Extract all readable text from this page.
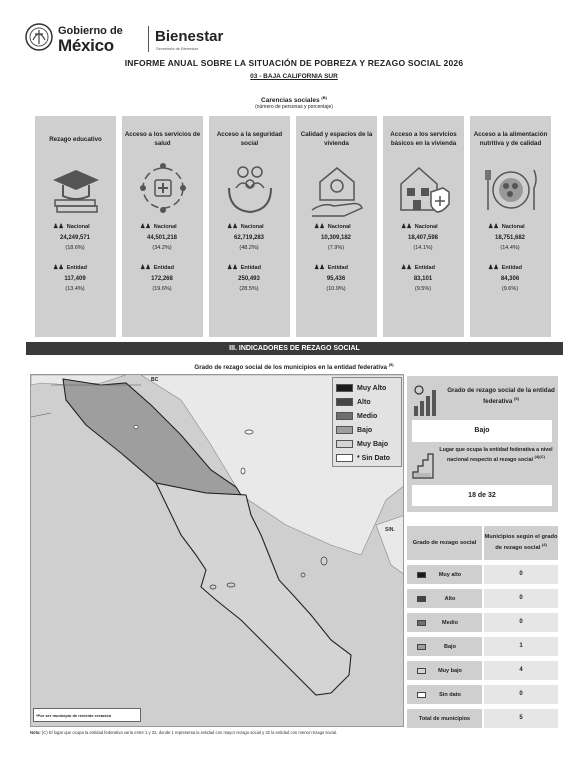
Gobierno de
México	Bienestar
Secretaría de Bienestar
INFORME ANUAL SOBRE LA SITUACIÓN DE POBREZA Y REZAGO SOCIAL 2026
03 - BAJA CALIFORNIA SUR
Carencias sociales $^{(B)}$
(número de personas y porcentaje)
Rezago educativo
♟♟ Nacional
24,249,571
(18.6%)
♟♟ Entidad
117,409
(13.4%)
Acceso a los servicios de salud
♟♟ Nacional
44,501,218
(34.2%)
♟♟ Entidad
172,268
(19.6%)
Acceso a la seguridad social
♟♟ Nacional
62,719,283
(48.2%)
♟♟ Entidad
250,493
(28.5%)
Calidad y espacios de la vivienda
♟♟ Nacional
10,309,182
(7.9%)
♟♟ Entidad
95,436
(10.9%)
Acceso a los servicios básicos en la vivienda
♟♟ Nacional
18,407,598
(14.1%)
♟♟ Entidad
83,101
(9.5%)
Acceso a la alimentación nutritiva y de calidad
♟♟ Nacional
18,751,682
(14.4%)
♟♟ Entidad
84,306
(9.6%)
III. INDICADORES DE REZAGO SOCIAL
Grado de rezago social de los municipios en la entidad federativa $^{(5)}$
BC
SIN.
Muy Alto
Alto
Medio
Bajo
Muy Bajo
* Sin Dato
*Por ser municipio de reciente creación
Grado de rezago social de la entidad federativa $^{(5)}$
Bajo
Lugar que ocupa la entidad federativa a nivel nacional respecto al rezago social $^{(4)(C)}$
18 de 32
Grado de rezago social
Municipios según el grado de rezago social $^{(4)}$
Muy alto	0
Alto	0
Medio	0
Bajo	1
Muy bajo	4
Sin dato	0
Total de municipios	5
Nota: (C) El lugar que ocupa la entidad federativa varía entre 1 y 32, donde 1 representa la entidad con mayor rezago social y 32 la entidad con menor rezago social.
